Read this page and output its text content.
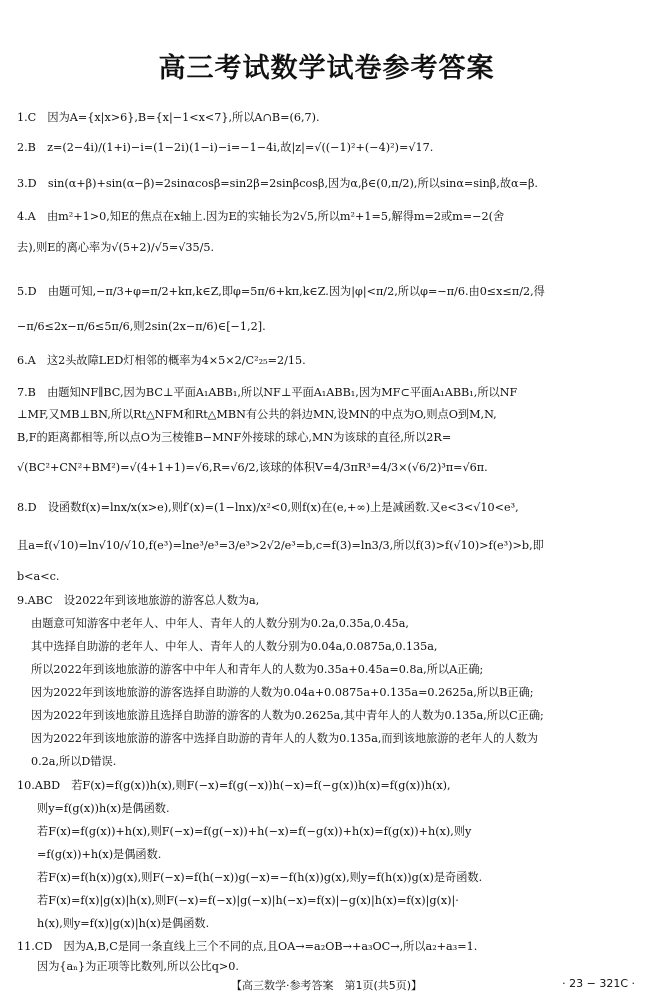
高三考试数学试卷参考答案
1.C　因为A={x|x>6},B={x|−1<x<7},所以A∩B=(6,7).
2.B　z=(2−4i)/(1+i)−i=(1−2i)(1−i)−i=−1−4i,故|z|=√((−1)²+(−4)²)=√17.
3.D　sin(α+β)+sin(α−β)=2sinαcosβ=sin2β=2sinβcosβ,因为α,β∈(0,π/2),所以sinα=sinβ,故α=β.
4.A　由m²+1>0,知E的焦点在x轴上.因为E的实轴长为2√5,所以m²+1=5,解得m=2或m=−2(舍
去),则E的离心率为√(5+2)/√5=√35/5.
5.D　由题可知,−π/3+φ=π/2+kπ,k∈Z,即φ=5π/6+kπ,k∈Z.因为|φ|<π/2,所以φ=−π/6.由0≤x≤π/2,得
−π/6≤2x−π/6≤5π/6,则2sin(2x−π/6)∈[−1,2].
6.A　这2头故障LED灯相邻的概率为4×5×2/C²₂₅=2/15.
7.B　由题知NF∥BC,因为BC⊥平面A₁ABB₁,所以NF⊥平面A₁ABB₁,因为MF⊂平面A₁ABB₁,所以NF
⊥MF,又MB⊥BN,所以Rt△NFM和Rt△MBN有公共的斜边MN,设MN的中点为O,则点O到M,N,
B,F的距离都相等,所以点O为三棱锥B−MNF外接球的球心,MN为该球的直径,所以2R=
√(BC²+CN²+BM²)=√(4+1+1)=√6,R=√6/2,该球的体积V=4/3πR³=4/3×(√6/2)³π=√6π.
8.D　设函数f(x)=lnx/x(x>e),则f′(x)=(1−lnx)/x²<0,则f(x)在(e,+∞)上是减函数.又e<3<√10<e³,
且a=f(√10)=ln√10/√10,f(e³)=lne³/e³=3/e³>2√2/e³=b,c=f(3)=ln3/3,所以f(3)>f(√10)>f(e³)>b,即
b<a<c.
9.ABC　设2022年到该地旅游的游客总人数为a,
由题意可知游客中老年人、中年人、青年人的人数分别为0.2a,0.35a,0.45a,
其中选择自助游的老年人、中年人、青年人的人数分别为0.04a,0.0875a,0.135a,
所以2022年到该地旅游的游客中中年人和青年人的人数为0.35a+0.45a=0.8a,所以A正确;
因为2022年到该地旅游的游客选择自助游的人数为0.04a+0.0875a+0.135a=0.2625a,所以B正确;
因为2022年到该地旅游且选择自助游的游客的人数为0.2625a,其中青年人的人数为0.135a,所以C正确;
因为2022年到该地旅游的游客中选择自助游的青年人的人数为0.135a,而到该地旅游的老年人的人数为
0.2a,所以D错误.
10.ABD　若F(x)=f(g(x))h(x),则F(−x)=f(g(−x))h(−x)=f(−g(x))h(x)=f(g(x))h(x),
则y=f(g(x))h(x)是偶函数.
若F(x)=f(g(x))+h(x),则F(−x)=f(g(−x))+h(−x)=f(−g(x))+h(x)=f(g(x))+h(x),则y
=f(g(x))+h(x)是偶函数.
若F(x)=f(h(x))g(x),则F(−x)=f(h(−x))g(−x)=−f(h(x))g(x),则y=f(h(x))g(x)是奇函数.
若F(x)=f(x)|g(x)|h(x),则F(−x)=f(−x)|g(−x)|h(−x)=f(x)|−g(x)|h(x)=f(x)|g(x)|·
h(x),则y=f(x)|g(x)|h(x)是偶函数.
11.CD　因为A,B,C是同一条直线上三个不同的点,且OA→=a₂OB→+a₃OC→,所以a₂+a₃=1.
因为{aₙ}为正项等比数列,所以公比q>0.
【高三数学·参考答案　第1页(共5页)】	· 23 − 321C ·
